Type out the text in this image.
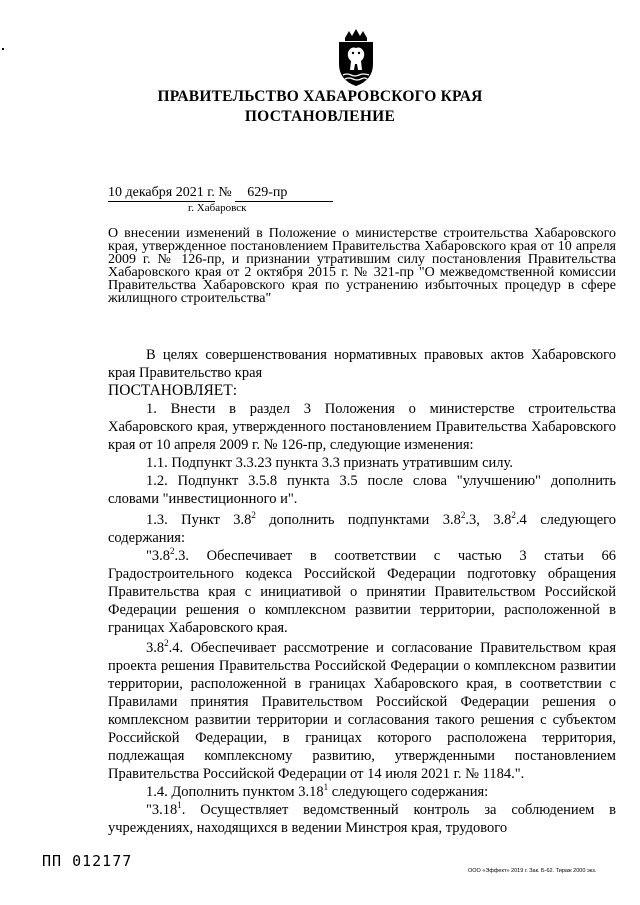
ПРАВИТЕЛЬСТВО ХАБАРОВСКОГО КРАЯ
ПОСТАНОВЛЕНИЕ
10 декабря 2021 г. № 629-пр
г. Хабаровск

О внесении изменений в Положение о министерстве строительства Хабаровского края, утвержденное постановлением Правительства Хабаровского края от 10 апреля 2009 г. № 126-пр, и признании утратившим силу постановления Правительства Хабаровского края от 2 октября 2015 г. № 321-пр "О межведомственной комиссии Правительства Хабаровского края по устранению избыточных процедур в сфере жилищного строительства"

В целях совершенствования нормативных правовых актов Хабаровского края Правительство края

ПОСТАНОВЛЯЕТ:

1. Внести в раздел 3 Положения о министерстве строительства Хабаровского края, утвержденного постановлением Правительства Хабаровского края от 10 апреля 2009 г. № 126-пр, следующие изменения:

1.1. Подпункт 3.3.23 пункта 3.3 признать утратившим силу.

1.2. Подпункт 3.5.8 пункта 3.5 после слова "улучшению" дополнить словами "инвестиционного и".

1.3. Пункт $3.8^2$ дополнить подпунктами $3.8^2.3$, $3.8^2.4$ следующего содержания:

"$3.8^2.3$. Обеспечивает в соответствии с частью 3 статьи 66 Градостроительного кодекса Российской Федерации подготовку обращения Правительства края с инициативой о принятии Правительством Российской Федерации решения о комплексном развитии территории, расположенной в границах Хабаровского края.

$3.8^2.4$. Обеспечивает рассмотрение и согласование Правительством края проекта решения Правительства Российской Федерации о комплексном развитии территории, расположенной в границах Хабаровского края, в соответствии с Правилами принятия Правительством Российской Федерации решения о комплексном развитии территории и согласования такого решения с субъектом Российской Федерации, в границах которого расположена территория, подлежащая комплексному развитию, утвержденными постановлением Правительства Российской Федерации от 14 июля 2021 г. № 1184.".

1.4. Дополнить пунктом 3.18$^1$ следующего содержания:

"3.18$^1$. Осуществляет ведомственный контроль за соблюдением в учреждениях, находящихся в ведении Минстроя края, трудового

ПП 012177
ООО «Эффект» 2019 г. Зак. Б-62. Тираж 2000 экз.
